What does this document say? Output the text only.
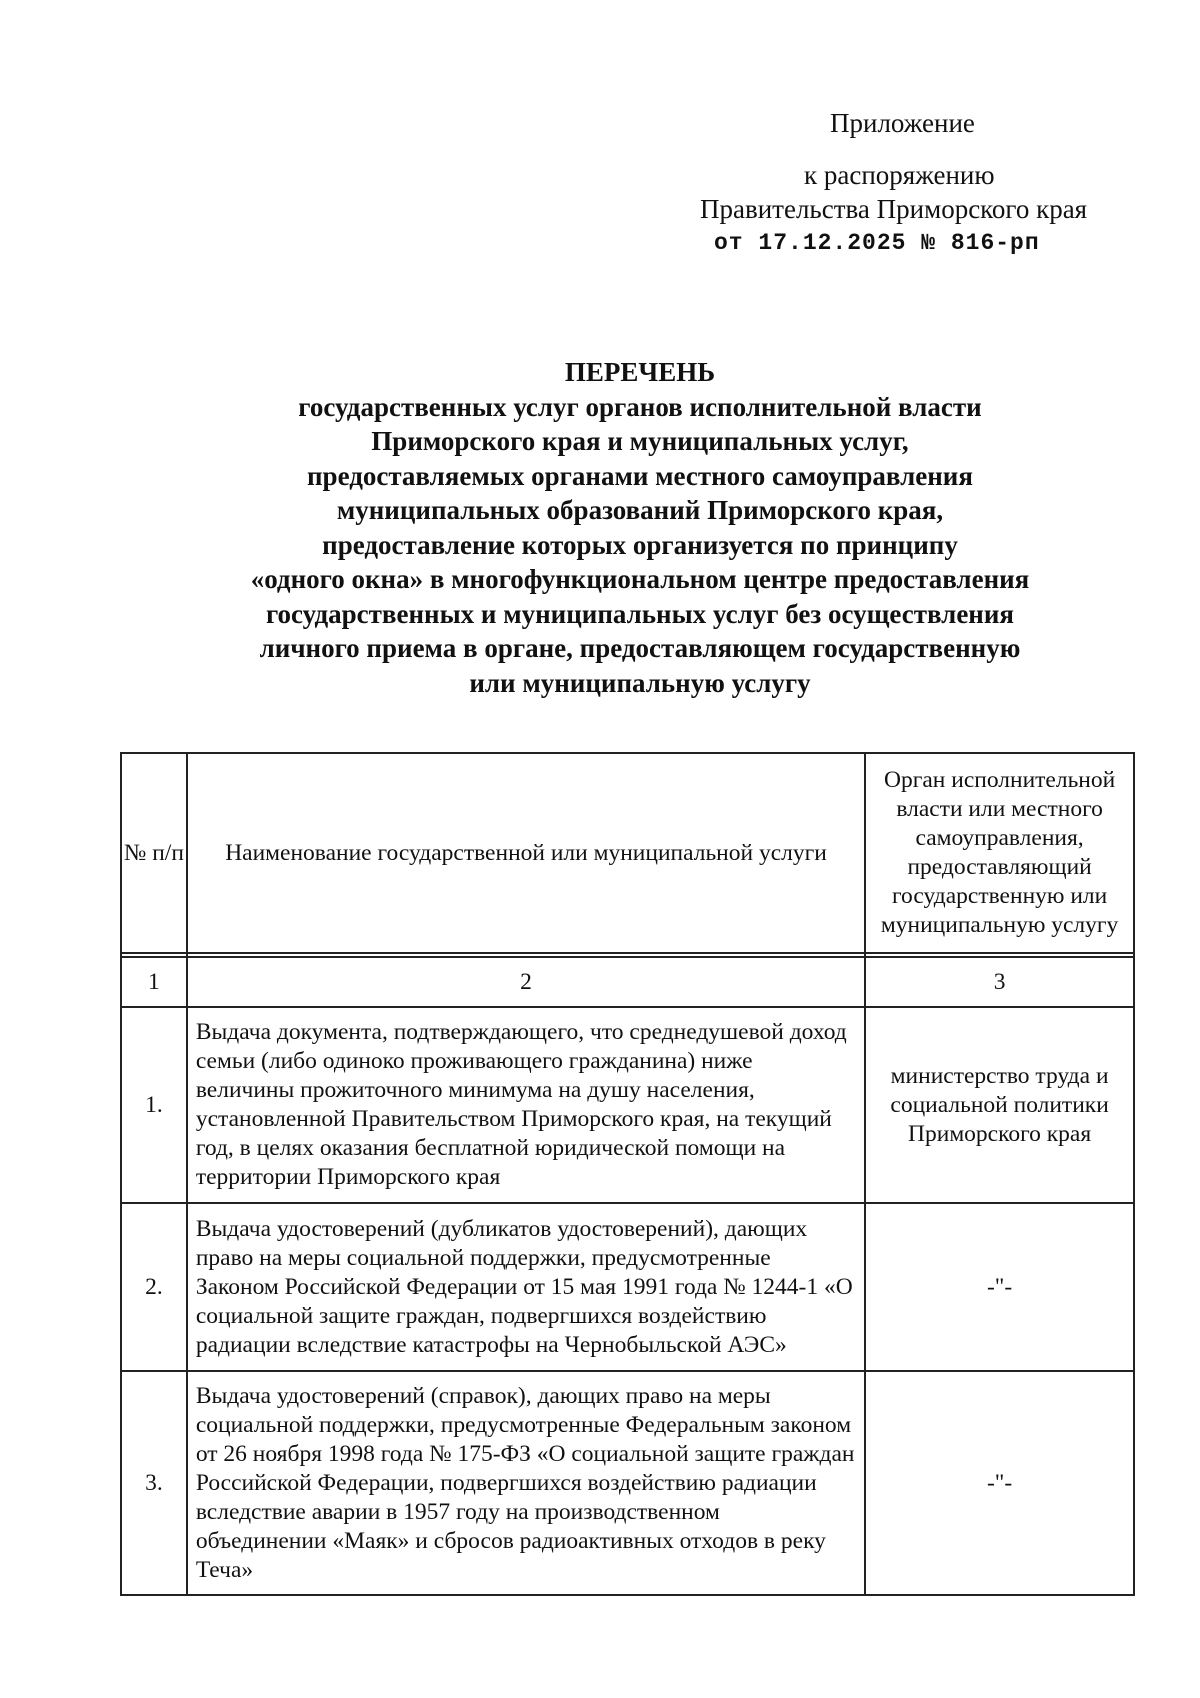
Приложение
к распоряжению
Правительства Приморского края
от 17.12.2025 № 816-рп
ПЕРЕЧЕНЬ
государственных услуг органов исполнительной власти
Приморского края и муниципальных услуг,
предоставляемых органами местного самоуправления
муниципальных образований Приморского края,
предоставление которых организуется по принципу
«одного окна» в многофункциональном центре предоставления
государственных и муниципальных услуг без осуществления
личного приема в органе, предоставляющем государственную
или муниципальную услугу
№ п/п	Наименование государственной или муниципальной услуги	Орган исполнительной власти или местного самоуправления, предоставляющий государственную или муниципальную услугу

1	2	3
1.	Выдача документа, подтверждающего, что среднедушевой доход семьи (либо одиноко проживающего гражданина) ниже величины прожиточного минимума на душу населения, установленной Правительством Приморского края, на текущий год, в целях оказания бесплатной юридической помощи на территории Приморского края	министерство труда и социальной политики Приморского края
2.	Выдача удостоверений (дубликатов удостоверений), дающих право на меры социальной поддержки, предусмотренные Законом Российской Федерации от 15 мая 1991 года № 1244-1 «О социальной защите граждан, подвергшихся воздействию радиации вследствие катастрофы на Чернобыльской АЭС»	-"-
3.	Выдача удостоверений (справок), дающих право на меры социальной поддержки, предусмотренные Федеральным законом от 26 ноября 1998 года № 175-ФЗ «О социальной защите граждан Российской Федерации, подвергшихся воздействию радиации вследствие аварии в 1957 году на производственном объединении «Маяк» и сбросов радиоактивных отходов в реку Теча»	-"-
